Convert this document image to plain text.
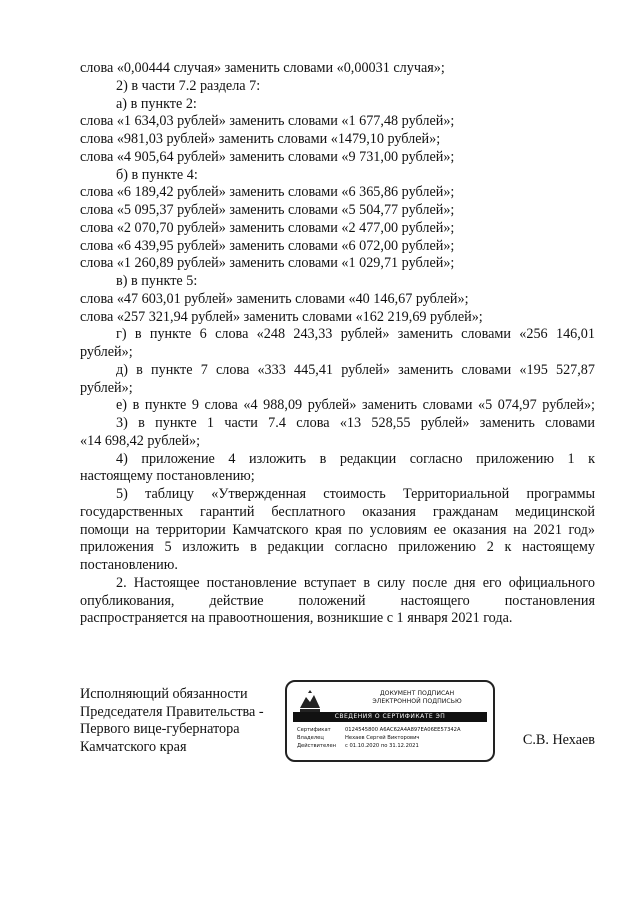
слова «0,00444 случая» заменить словами «0,00031 случая»;
2) в части 7.2 раздела 7:
а) в пункте 2:
слова «1 634,03 рублей» заменить словами «1 677,48 рублей»;
слова «981,03 рублей» заменить словами «1479,10 рублей»;
слова «4 905,64 рублей» заменить словами «9 731,00 рублей»;
б) в пункте 4:
слова «6 189,42 рублей» заменить словами «6 365,86 рублей»;
слова «5 095,37 рублей» заменить словами «5 504,77 рублей»;
слова «2 070,70 рублей» заменить словами «2 477,00 рублей»;
слова «6 439,95 рублей» заменить словами «6 072,00 рублей»;
слова «1 260,89 рублей» заменить словами «1 029,71 рублей»;
в) в пункте 5:
слова «47 603,01 рублей» заменить словами «40 146,67 рублей»;
слова «257 321,94 рублей» заменить словами «162 219,69 рублей»;
г) в пункте 6 слова «248 243,33 рублей» заменить словами «256 146,01
рублей»;
д) в пункте 7 слова «333 445,41 рублей» заменить словами «195 527,87
рублей»;
е) в пункте 9 слова «4 988,09 рублей» заменить словами «5 074,97 рублей»;
3) в пункте 1 части 7.4 слова «13 528,55 рублей» заменить словами
«14 698,42 рублей»;
4) приложение 4 изложить в редакции согласно приложению 1 к
настоящему постановлению;
5) таблицу «Утвержденная стоимость Территориальной программы
государственных гарантий бесплатного оказания гражданам медицинской
помощи на территории Камчатского края по условиям ее оказания на 2021 год»
приложения 5 изложить в редакции согласно приложению 2 к настоящему
постановлению.
2. Настоящее постановление вступает в силу после дня его официального
опубликования, действие положений настоящего постановления
распространяется на правоотношения, возникшие с 1 января 2021 года.
Исполняющий обязанности
Председателя Правительства -
Первого вице-губернатора
Камчатского края
ДОКУМЕНТ ПОДПИСАН
ЭЛЕКТРОННОЙ ПОДПИСЬЮ
СВЕДЕНИЯ О СЕРТИФИКАТЕ ЭП
Сертификат	0124545800 A6AC62A4A897EA06EE57342A
Владелец	Нехаев Сергей Викторович
Действителен с 01.10.2020 по 31.12.2021	С.В. Нехаев
